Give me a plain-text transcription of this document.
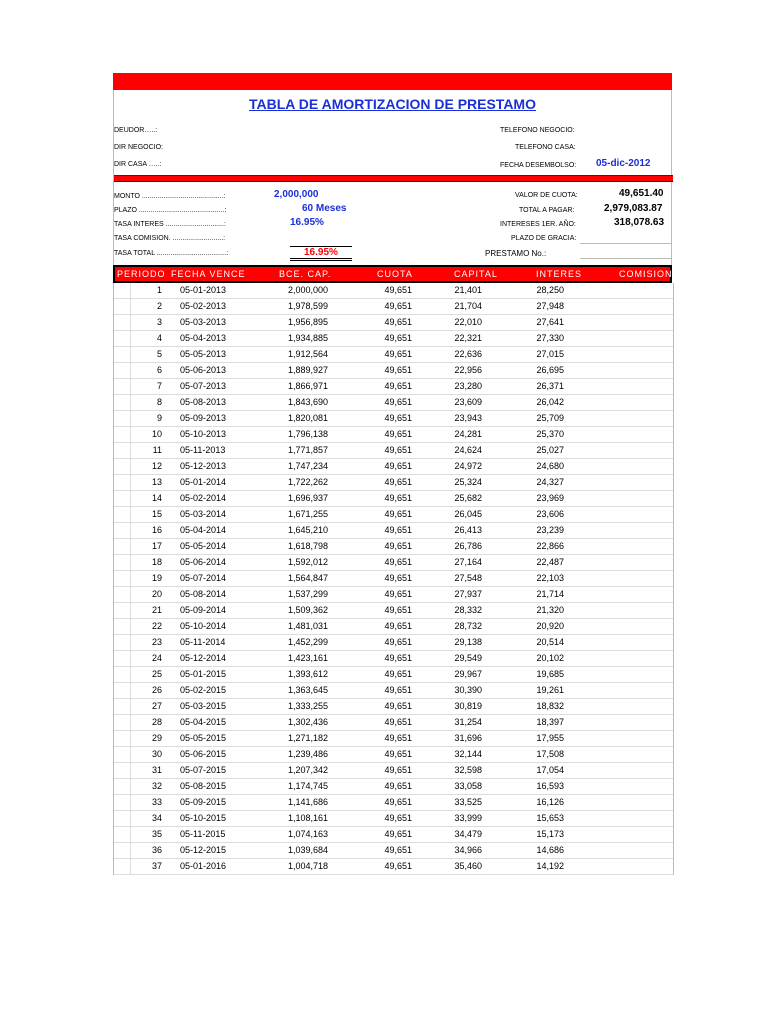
TABLA DE AMORTIZACION DE PRESTAMO
DEUDOR…..:
DIR NEGOCIO:
DIR CASA …..:
TELEFONO NEGOCIO:
TELEFONO CASA:
FECHA DESEMBOLSO: 05-dic-2012
MONTO ..........................................:	2,000,000
PLAZO ............................................:	60 Meses
TASA INTERES ..............................:	16.95%
TASA COMISION. ..........................:
VALOR DE CUOTA:	49,651.40
TOTAL A PAGAR:	2,979,083.87
INTERESES 1ER. AÑO:	318,078.63
PLAZO DE GRACIA:
TASA TOTAL ....................................:	16.95%	PRESTAMO No.:
PERIODO FECHA VENCE	BCE. CAP.	CUOTA	CAPITAL	INTERES	COMISION
1 05-01-2013	2,000,000	49,651	21,401	28,250
2 05-02-2013	1,978,599	49,651	21,704	27,948
3 05-03-2013	1,956,895	49,651	22,010	27,641
4 05-04-2013	1,934,885	49,651	22,321	27,330
5 05-05-2013	1,912,564	49,651	22,636	27,015
6 05-06-2013	1,889,927	49,651	22,956	26,695
7 05-07-2013	1,866,971	49,651	23,280	26,371
8 05-08-2013	1,843,690	49,651	23,609	26,042
9 05-09-2013	1,820,081	49,651	23,943	25,709
10 05-10-2013	1,796,138	49,651	24,281	25,370
11 05-11-2013	1,771,857	49,651	24,624	25,027
12 05-12-2013	1,747,234	49,651	24,972	24,680
13 05-01-2014	1,722,262	49,651	25,324	24,327
14 05-02-2014	1,696,937	49,651	25,682	23,969
15 05-03-2014	1,671,255	49,651	26,045	23,606
16 05-04-2014	1,645,210	49,651	26,413	23,239
17 05-05-2014	1,618,798	49,651	26,786	22,866
18 05-06-2014	1,592,012	49,651	27,164	22,487
19 05-07-2014	1,564,847	49,651	27,548	22,103
20 05-08-2014	1,537,299	49,651	27,937	21,714
21 05-09-2014	1,509,362	49,651	28,332	21,320
22 05-10-2014	1,481,031	49,651	28,732	20,920
23 05-11-2014	1,452,299	49,651	29,138	20,514
24 05-12-2014	1,423,161	49,651	29,549	20,102
25 05-01-2015	1,393,612	49,651	29,967	19,685
26 05-02-2015	1,363,645	49,651	30,390	19,261
27 05-03-2015	1,333,255	49,651	30,819	18,832
28 05-04-2015	1,302,436	49,651	31,254	18,397
29 05-05-2015	1,271,182	49,651	31,696	17,955
30 05-06-2015	1,239,486	49,651	32,144	17,508
31 05-07-2015	1,207,342	49,651	32,598	17,054
32 05-08-2015	1,174,745	49,651	33,058	16,593
33 05-09-2015	1,141,686	49,651	33,525	16,126
34 05-10-2015	1,108,161	49,651	33,999	15,653
35 05-11-2015	1,074,163	49,651	34,479	15,173
36 05-12-2015	1,039,684	49,651	34,966	14,686
37 05-01-2016	1,004,718	49,651	35,460	14,192
